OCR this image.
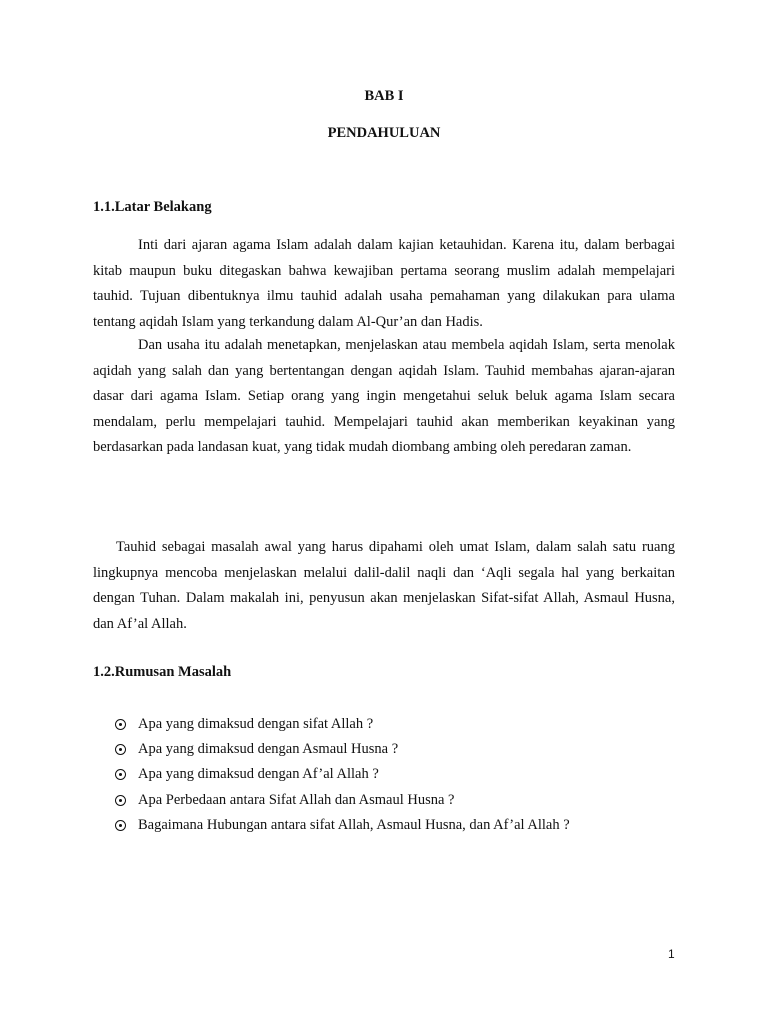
BAB I
PENDAHULUAN
1.1.Latar Belakang

Inti dari ajaran agama Islam adalah dalam kajian ketauhidan. Karena itu, dalam berbagai kitab maupun buku ditegaskan bahwa kewajiban pertama seorang muslim adalah mempelajari tauhid. Tujuan dibentuknya ilmu tauhid adalah usaha pemahaman yang dilakukan para ulama tentang aqidah Islam yang terkandung dalam Al-Qur’an dan Hadis.

Dan usaha itu adalah menetapkan, menjelaskan atau membela aqidah Islam, serta menolak aqidah yang salah dan yang bertentangan dengan aqidah Islam. Tauhid membahas ajaran-ajaran dasar dari agama Islam. Setiap orang yang ingin mengetahui seluk beluk agama Islam secara mendalam, perlu mempelajari tauhid. Mempelajari tauhid akan memberikan keyakinan yang berdasarkan pada landasan kuat, yang tidak mudah diombang ambing oleh peredaran zaman.

Tauhid sebagai masalah awal yang harus dipahami oleh umat Islam, dalam salah satu ruang lingkupnya mencoba menjelaskan melalui dalil-dalil naqli dan ‘Aqli segala hal yang berkaitan dengan Tuhan. Dalam makalah ini, penyusun akan menjelaskan Sifat-sifat Allah, Asmaul Husna, dan Af’al Allah.

1.2.Rumusan Masalah
Apa yang dimaksud dengan sifat Allah ?
Apa yang dimaksud dengan Asmaul Husna ?
Apa yang dimaksud dengan Af’al Allah ?
Apa Perbedaan antara Sifat Allah dan Asmaul Husna ?
Bagaimana Hubungan antara sifat Allah, Asmaul Husna, dan Af’al Allah ?
1
